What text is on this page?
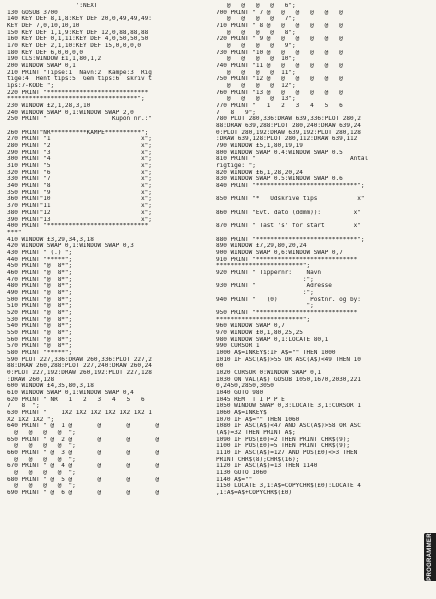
':NEXT
130 GOSUB 3700
140 KEY DEF 8,1,8:KEY DEF 20,0,49,49,49:
KEY DEF 7,0,10,10,10
150 KEY DEF 1,1,9:KEY DEF 12,0,88,88,88
160 KEY DEF 0,1,11:KEY DEF 4,0,50,50,50
170 KEY DEF 2,1,10:KEY DEF 15,0,0,0,0
180 KEY DEF 6,0,0,0,0
190 CLS:WINDOW £1,1,80,1,2
200 WINDOW SWAP 0,1
210 PRINT "Tipse:1  Navn:2  Kampe:3  Rig
tige:4  Hent tips:5  Gem tips:6  skriv t
ips:7-KODE ";
220 PRINT "****************************
************************************";
230 WINDOW £2,1,28,3,10
240 WINDOW SWAP 0,1:WINDOW SWAP 2,0
250 PRINT "                  Kupon nr.:"

260 PRINT"NR**********KAMPE**********";
270 PRINT "1                         x";
280 PRINT "2                         x";
290 PRINT "3                         x";
300 PRINT "4                         x";
310 PRINT "5                         x";
320 PRINT "6                         x";
330 PRINT "7                         x";
340 PRINT "8                         x";
350 PRINT "9                         x";
360 PRINT"10                         x";
370 PRINT"11                         x";
380 PRINT"12                         x";
390 PRINT"13                         x";
400 PRINT "****************************
***"
410 WINDOW £3,29,34,3,18
420 WINDOW SWAP 0,1:WINDOW SWAP 0,3
430 PRINT " (.) ";
440 PRINT "*****";
450 PRINT "@  8*";
460 PRINT "@  8*";
470 PRINT "@  8*";
480 PRINT "@  8*";
490 PRINT "@  8*";
500 PRINT "@  8*";
510 PRINT "@  8*";
520 PRINT "@  8*";
530 PRINT "@  8*";
540 PRINT "@  8*";
550 PRINT "@  8*";
560 PRINT "@  8*";
570 PRINT "@  8*";
580 PRINT "*****";
590 PLOT 227,336:DRAW 260,336:PLOT 227,2
88:DRAW 260,288:PLOT 227,240:DRAW 260,24
0:PLOT 227,192:DRAW 260,192:PLOT 227,128
:DRAW 260,128
600 WINDOW £4,35,80,3,18
610 WINDOW SWAP 0,1:WINDOW SWAP 0,4
620 PRINT " NR   1   2   3   4   5   6
7   8  ";
630 PRINT "    1X2 1X2 1X2 1X2 1X2 1X2 1
X2 1X2 1X2 ";
640 PRINT " @  1 @       @       @       @
@   @   @   @  ";
650 PRINT " @  2 @       @       @       @
@   @   @   @  ";
660 PRINT " @  3 @       @       @       @
@   @   @   @  ";
670 PRINT " @  4 @       @       @       @
@   @   @   @  ";
680 PRINT " @  5 @       @       @       @
@   @   @   @  ";
690 PRINT " @  6 @       @       @       @
@   @   @   @   6";
700 PRINT " 7 @   @   @   @   @   @
@   @   @   @   7";
710 PRINT " 8 @   @   @   @   @   @
@   @   @   @   8";
720 PRINT " 9 @   @   @   @   @   @
@   @   @   @   9";
730 PRINT "10 @   @   @   @   @   @
@   @   @   @  10";
740 PRINT "11 @   @   @   @   @   @
@   @   @   @  11";
750 PRINT "12 @   @   @   @   @   @
@   @   @   @  12";
760 PRINT "13 @   @   @   @   @   @
@   @   @   @  13";
770 PRINT "   1   2   3   4   5   6
7   8   9";
780 PLOT 280,336:DRAW 639,336:PLOT 280,2
88:DRAW 639,288:PLOT 280,240:DRAW 639,24
0:PLOT 280,192:DRAW 639,192:PLOT 280,128
:DRAW 639,128:PLOT 280,112:DRAW 639,112
790 WINDOW £5,1,80,19,19
800 WINDOW SWAP 0.4:WINDOW SWAP 0.5
810 PRINT "                          Antal
rigtige: ";
820 WINDOW £6,1,28,20,24
830 WINDOW SWAP 0.5:WINDOW SWAP 0.6
840 PRINT "****************************";

850 PRINT "*   Udskrive tips           x"

860 PRINT "Evt. dato (ddmm)):         x"

870 PRINT " Tast 's' for start        x"

880 PRINT "****************************";
890 WINDOW £7,29,80,20,24
900 WINDOW SWAP 0,6:WINDOW SWAP 0,7
910 PRINT "****************************
************************";
920 PRINT " Tippernr:    Navn
:";
930 PRINT "              Adresse
:";
940 PRINT "   (0)         Postnr. og by:
";
950 PRINT "****************************
************************";
960 WINDOW SWAP 0,7
970 WINDOW £0,1,80,25,25
980 WINDOW SWAP 0,1:LOCATE 80,1
990 CURSOR 1
1000 A$=INKEY$:IF A$="" THEN 1000
1010 IF ASC(A$)>55 OR ASC(A$)<49 THEN 10
00
1020 CURSOR 0:WINDOW SWAP 0,1
1030 ON VAL(A$) GOSUB 1050,1670,2030,221
0,2450,2850,3050
1040 GOTO 980
1045 REM  T I P P E
1050 WINDOW SWAP 0,3:LOCATE 3,1:CURSOR 1
1060 A$=INKEY$
1070 IF A$="" THEN 1060
1080 IF ASC(A$)<47 AND ASC(A$)>58 OR ASC
(A$)=32 THEN PRINT A$;
1090 IF POS(£0)=2 THEN PRINT CHR$(9);
1100 IF POS(£0)=5 THEN PRINT CHR$(9);
1110 IF ASC(A$)=127 AND POS(£0)<>3 THEN
PRINT CHR$(8);CHR$(16);
1120 IF ASC(A$)=13 THEN 1140
1130 GOTO 1060
1140 A$=""
1150 LOCATE 3,1:A$=COPYCHR$(£0):LOCATE 4
,1:A$=A$+COPYCHR$(£0)
PROGRAMMER
